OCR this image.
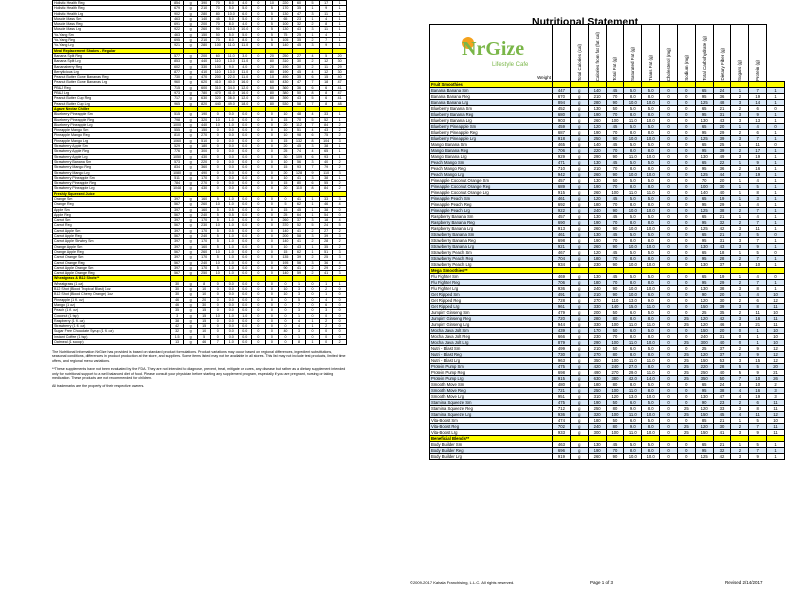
Holistic Health Reg	854	g	390	70	8.0	4.0	0	10	220	60	5	17	1
Holistic Health Reg	679	g	210	70	5.0	5.0	0	5	170	35	1	9	1
Holistic Health Lrg	902	g	280	80	10.0	6.0	0	5	130	47	3	11	1
Muscle Mass Sm	463	g	140	45	5.0	5.0	0	0	65	23	1	4	1
Muscle Mass Reg	691	g	200	70	8.0	4.0	0	5	100	32	2	8	1
Muscle Mass Lrg	922	g	260	90	10.0	10.0	0	5	130	43	3	11	1
Yo-Yang Sm	463	g	150	50	5.0	5.0	0	5	75	25	1	4	1
Yo-Yang Reg	695	g	210	70	8.0	8.0	0	5	105	35	2	7	1
Yo-Yang Lrg	921	g	280	100	11.0	11.0	0	5	140	45	3	9	1
Meal Replacement Shakes - Regular													
Banana Split Reg	577	g	200	60	11.0	3.0	0	20	250	27	4	5	20
Banana Split Lrg	853	g	440	110	13.0	11.0	0	80	310	30	2	12	30
Bananaberry Reg	602	g	330	100	9.0	4.0	0	20	190	30	2	11	29
Berrylicious Lrg	877	g	410	110	13.0	11.0	0	80	190	45	4	12	30
Peanut Butter Gone Bananas Reg	730	g	470	200	22.0	11.0	0	10	490	35	6	15	40
Peanut Butter Gone Bananas Lrg	960	g	620	410	40.0	16.0	0	60	430	47	7	18	47
PB&J Reg	715	g	600	310	34.0	12.0	0	60	360	36	6	6	41
PB&J Lrg	973	g	780	470	41.0	16.0	0	80	380	50	8	8	47
Peanut Butter Cup Reg	717	g	630	320	36.0	12.0	0	80	390	43	5	6	41
Peanut Butter Cup Lrg	965	g	820	440	49.0	18.0	0	80	530	58	7	8	48
Agave Nectar Chiller													
Blueberry Pineapple Sm	515	g	190	0	0.0	0.0	0	0	10	48	4	33	1
Blueberry Pineapple Reg	798	g	320	10	1.0	0.0	0	0	15	70	5	52	1
Blueberry Pineapple Lrg	1000	g	440	10	1.0	0.0	0	0	20	112	7	84	2
Pineapple Mango Sm	555	g	150	0	0.0	0.0	0	0	10	51	4	43	2
Pineapple Mango Reg	810	g	270	0	0.0	0.0	0	0	10	98	6	75	2
Pineapple Mango Lrg	1060	g	510	0	0.0	0.0	0	0	15	132	8	104	3
Strawberry Apple Sm	529	g	180	0	0.0	0.0	0	0	20	45	3	38	1
Strawberry Apple Reg	776	g	300	0	0.0	0.0	0	0	25	74	4	65	1
Strawberry Apple Lrg	1050	g	430	0	0.0	0.0	0	0	30	109	6	93	1
Strawberry Banana Sm	573	g	220	0	0.0	0.0	0	0	10	56	3	40	2
Strawberry Mango Reg	834	g	360	0	0.0	0.0	0	0	15	93	7	79	2
Strawberry Mango Lrg	1080	g	490	0	0.0	0.0	0	0	20	128	9	110	3
Strawberry Pineapple Sm	511	g	170	0	0.0	0.0	0	0	10	41	3	38	1
Strawberry Pineapple Reg	784	g	270	0	0.0	0.0	0	0	15	80	6	55	2
Strawberry Pineapple Lrg	1048	g	430	0	0.0	0.0	0	0	20	110	8	84	2
Freshly Squeezed Juice													
Orange Sm	397	g	160	5	1.0	0.0	0	0	0	41	1	33	3
Orange Reg	567	g	260	10	1.0	0.0	0	0	5	62	1	46	4
Apple Sm	397	g	160	5	0.5	0.0	0	0	15	45	1	38	0
Apple Reg	567	g	240	5	0.5	0.0	0	0	25	64	1	54	0
Carrot Sm	397	g	170	5	1.0	0.0	0	0	260	37	3	18	4
Carrot Reg	567	g	230	10	1.0	0.0	0	0	370	52	5	24	5
Carrot Apple Sm	397	g	170	5	0.5	0.0	0	0	140	41	2	27	2
Carrot Apple Reg	567	g	240	5	1.0	0.0	0	0	200	58	3	39	3
Carrot Apple Strwbry Sm	397	g	170	5	1.0	0.0	0	0	140	41	2	28	2
Orange Apple Sm	397	g	160	5	1.0	0.0	0	0	10	43	1	35	2
Orange Apple Reg	567	g	260	10	1.0	0.0	0	0	15	62	1	51	3
Carrot Orange Sm	397	g	170	5	1.0	0.0	0	0	135	39	2	25	3
Carrot Orange Reg	567	g	240	10	1.0	0.0	0	0	195	56	3	36	4
Carrot Apple Orange Sm	397	g	170	5	1.0	0.0	0	0	90	41	2	29	2
Carrot Apple Orange Reg	567	g	250	10	1.0	0.0	0	0	140	59	2	41	3
Wheatgrass & B12 Shots**													
Wheatgrass (1 oz)	30	g	8	0	0.0	0.0	0	0	0	1	0	1	1
B12 Shot (Blood Tropical Blast) 1oz	30	g	10	0	0.0	0.0	0	0	10	3	0	2	0
B12 Shot (Blood Cherry Orange) 1oz	30	g	10	0	0.0	0.0	0	0	10	3	0	1	0
Pineapple (1 fl. oz)	46	g	20	0	0.0	0.0	0	0	0	5	0	4	0
Mango (1 oz)	46	g	30	0	0.0	0.0	0	0	0	7	0	6	0
Peach (1 fl. oz)	35	g	15	0	0.0	0.0	0	0	0	3	0	3	0
Coconut (1 tsp)	3	g	15	10	1.0	1.0	0	0	0	1	0	0	0
Raspberry (1 fl. oz)	38	g	15	0	0.0	0.0	0	0	0	4	1	2	0
Strawberry (1 fl. oz)	42	g	15	0	0.0	0.0	0	0	0	4	1	2	0
Sugar Free Chocolate Syrup (1 fl. oz)	32	g	10	0	0.0	0.0	0	0	40	3	0	0	0
Instant Coffee (1 tsp)	1.5	g	5	0	0.0	0.0	0	0	0	1	0	0	0
Oatmeal (1 scoop)	13	g	46	7	1.0	0.0	0	0	0	8	1	0	2

The Nutritional Information NrGize has provided is based on standard product formulations. Product variations may occur based on regional differences, ingredient substitutions, seasonal conditions, differences in product production at the store, and suppliers. Some items listed may not be available in all stores. This list may not include test products, limited time offers, and regional menu variations.

**These supplements have not been evaluated by the FDA. They are not intended to diagnose, prevent, treat, mitigate or cures, any disease but rather as a dietary supplement intended only for nutritional support to a well balanced diet of food. Please consult your physician before starting any supplement program, especially if you are pregnant, nursing or taking medication. These products are not recommended for children.

All trademarks are the property of their respective owners.

Nutritional Statement
NrGize
Lifestyle Cafe
Weight		Total Calories (cal)	Calories from fat (fat cal)	Total Fat (g)	Saturated Fat (g)	Trans Fat (g)	Cholesterol (mg)	Sodium (mg)	Total Carbohydrate (g)	Dietary Fiber (g)	Sugars (g)	Protein (g)	

Fruit Smoothies													
Banana Banana Sm	447	g	140	45	5.0	5.0	0	0	65	24	1	7	1
Banana Banana Reg	670	g	210	70	8.0	8.0	0	0	95	36	2	19	1
Banana Banana Lrg	894	g	280	90	10.0	10.0	0	0	125	48	3	14	1
Blueberry Banana Sm	452	g	130	50	5.0	5.0	0	0	65	21	2	6	0
Blueberry Banana Reg	680	g	190	70	8.0	8.0	0	0	95	31	3	9	1
Blueberry Banana Lrg	903	g	260	100	11.0	10.0	0	0	130	43	3	13	1
Blueberry Pineapple Sm	459	g	120	45	5.0	5.0	0	0	65	20	1	4	0
Blueberry Pineapple Reg	687	g	190	70	8.0	8.0	0	0	95	29	2	6	1
Blueberry Pineapple Lrg	918	g	250	90	10.0	10.0	0	0	125	39	3	7	1
Mango Banana Sm	465	g	140	45	5.0	5.0	0	0	65	25	1	11	0
Mango Banana Reg	706	g	220	70	8.0	8.0	0	0	95	39	2	17	1
Mango Banana Lrg	929	g	290	90	11.0	10.0	0	0	130	49	3	19	1
Peach Mango Sm	471	g	130	45	5.0	5.0	0	0	65	22	1	9	1
Peach Mango Reg	710	g	210	70	8.0	8.0	0	0	95	36	2	16	1
Peach Mango Lrg	942	g	260	90	10.0	10.0	0	0	125	44	2	19	1
Pineapple Coconut Orange Sm	457	g	130	50	5.0	5.0	0	0	70	20	1	4	1
Pineapple Coconut Orange Reg	689	g	190	70	8.0	8.0	0	0	100	30	1	5	1
Pineapple Coconut Orange Lrg	915	g	260	100	11.0	11.0	0	0	140	40	1	8	1
Pineapple Peach Sm	461	g	120	45	5.0	5.0	0	0	65	19	1	3	1
Pineapple Peach Reg	692	g	180	70	8.0	8.0	0	0	95	29	1	4	1
Pineapple Peach Lrg	922	g	240	90	10.0	10.0	0	0	125	38	2	7	1
Raspberry Banana Sm	457	g	130	45	5.0	5.0	0	0	65	21	1	4	1
Raspberry Banana Reg	690	g	190	70	8.0	8.0	0	0	95	32	2	7	1
Raspberry Banana Lrg	913	g	260	90	10.0	10.0	0	0	125	42	3	11	1
Strawberry Banana Sm	461	g	130	45	5.0	5.0	0	0	65	21	2	5	0
Strawberry Banana Reg	698	g	190	70	8.0	8.0	0	0	95	31	3	7	1
Strawberry Banana Lrg	921	g	260	90	10.0	10.0	0	0	130	43	3	9	1
Strawberry Peach Sm	467	g	120	45	5.0	5.0	0	0	65	18	1	5	0
Strawberry Peach Reg	704	g	180	70	8.0	8.0	0	0	95	28	2	7	1
Strawberry Peach Lrg	934	g	230	90	10.0	10.0	0	0	130	37	3	10	1
Mega Smoothies**													
Flu Fighter Sm	469	g	130	45	5.0	5.0	0	0	65	19	1	4	0
Flu Fighter Reg	706	g	180	70	8.0	8.0	0	0	95	29	2	7	1
Flu Fighter Lrg	936	g	240	90	10.0	10.0	0	0	130	38	3	8	1
Get Ripped Sm	491	g	210	90	10.0	6.0	0	0	90	20	1	4	10
Get Ripped Reg	728	g	270	110	13.0	9.0	0	0	120	30	2	6	12
Get Ripped Lrg	961	g	330	140	15.0	11.0	0	0	150	39	3	8	11
Jumpin' Ginseng Sm	479	g	200	50	6.0	5.0	0	0	25	35	2	11	10
Jumpin' Ginseng Reg	720	g	280	80	8.0	8.0	0	25	120	42	3	16	11
Jumpin' Ginseng Lrg	944	g	330	100	11.0	11.0	0	25	120	46	3	21	11
Mocha Java Jolt Sm	439	g	170	50	6.0	5.0	0	0	150	20	0	1	10
Mocha Java Jolt Reg	666	g	230	70	8.0	8.0	0	0	240	31	0	1	10
Mocha Java Jolt Lrg	879	g	290	100	11.0	10.0	0	25	300	40	0	1	10
Nutri - Blast Sm	499	g	210	50	6.0	5.0	0	0	25	37	2	9	12
Nutri - Blast Reg	730	g	270	80	8.0	8.0	0	25	120	37	2	9	12
Nutri - Blast Lrg	963	g	350	100	11.0	11.0	0	25	150	53	3	15	12
Protein Pump Sm	475	g	420	240	27.0	8.0	0	25	220	28	5	5	20
Protein Pump Reg	698	g	490	270	29.0	11.0	0	25	250	40	5	9	21
Protein Pump Lrg	915	g	630	380	42.0	14.0	0	25	350	50	7	10	26
Smooth Move Sm	480	g	180	80	8.0	5.0	0	0	65	24	3	10	2
Smooth Move Reg	721	g	250	100	11.0	8.0	0	0	95	38	4	16	3
Smooth Move Lrg	951	g	310	120	13.0	10.0	0	0	130	47	4	19	3
Stamina Squeeze Sm	475	g	190	50	6.0	5.0	0	0	90	23	2	6	11
Stamina Squeeze Reg	712	g	250	80	9.0	8.0	0	25	120	33	3	8	11
Stamina Squeeze Lrg	936	g	320	100	11.0	10.0	0	25	150	45	4	11	12
Vita-Boost Sm	474	g	180	50	6.0	5.0	0	0	85	21	1	5	10
Vita-Boost Reg	702	g	240	80	9.0	8.0	0	25	120	30	2	7	11
Vita-Boost Lrg	933	g	300	100	11.0	10.0	0	25	150	41	3	9	11
Beneficial Blends**													
Body Builder Sm	463	g	130	45	5.0	5.0	0	0	65	21	1	5	1
Body Builder Reg	696	g	190	70	8.0	8.0	0	0	95	32	2	7	1
Body Builder Lrg	919	g	260	90	10.0	10.0	0	0	125	42	3	9	1
©2009-2017 Kahala Franchising, L.L.C. All rights reserved.	Page 1 of 3	Revised 2/14/2017
